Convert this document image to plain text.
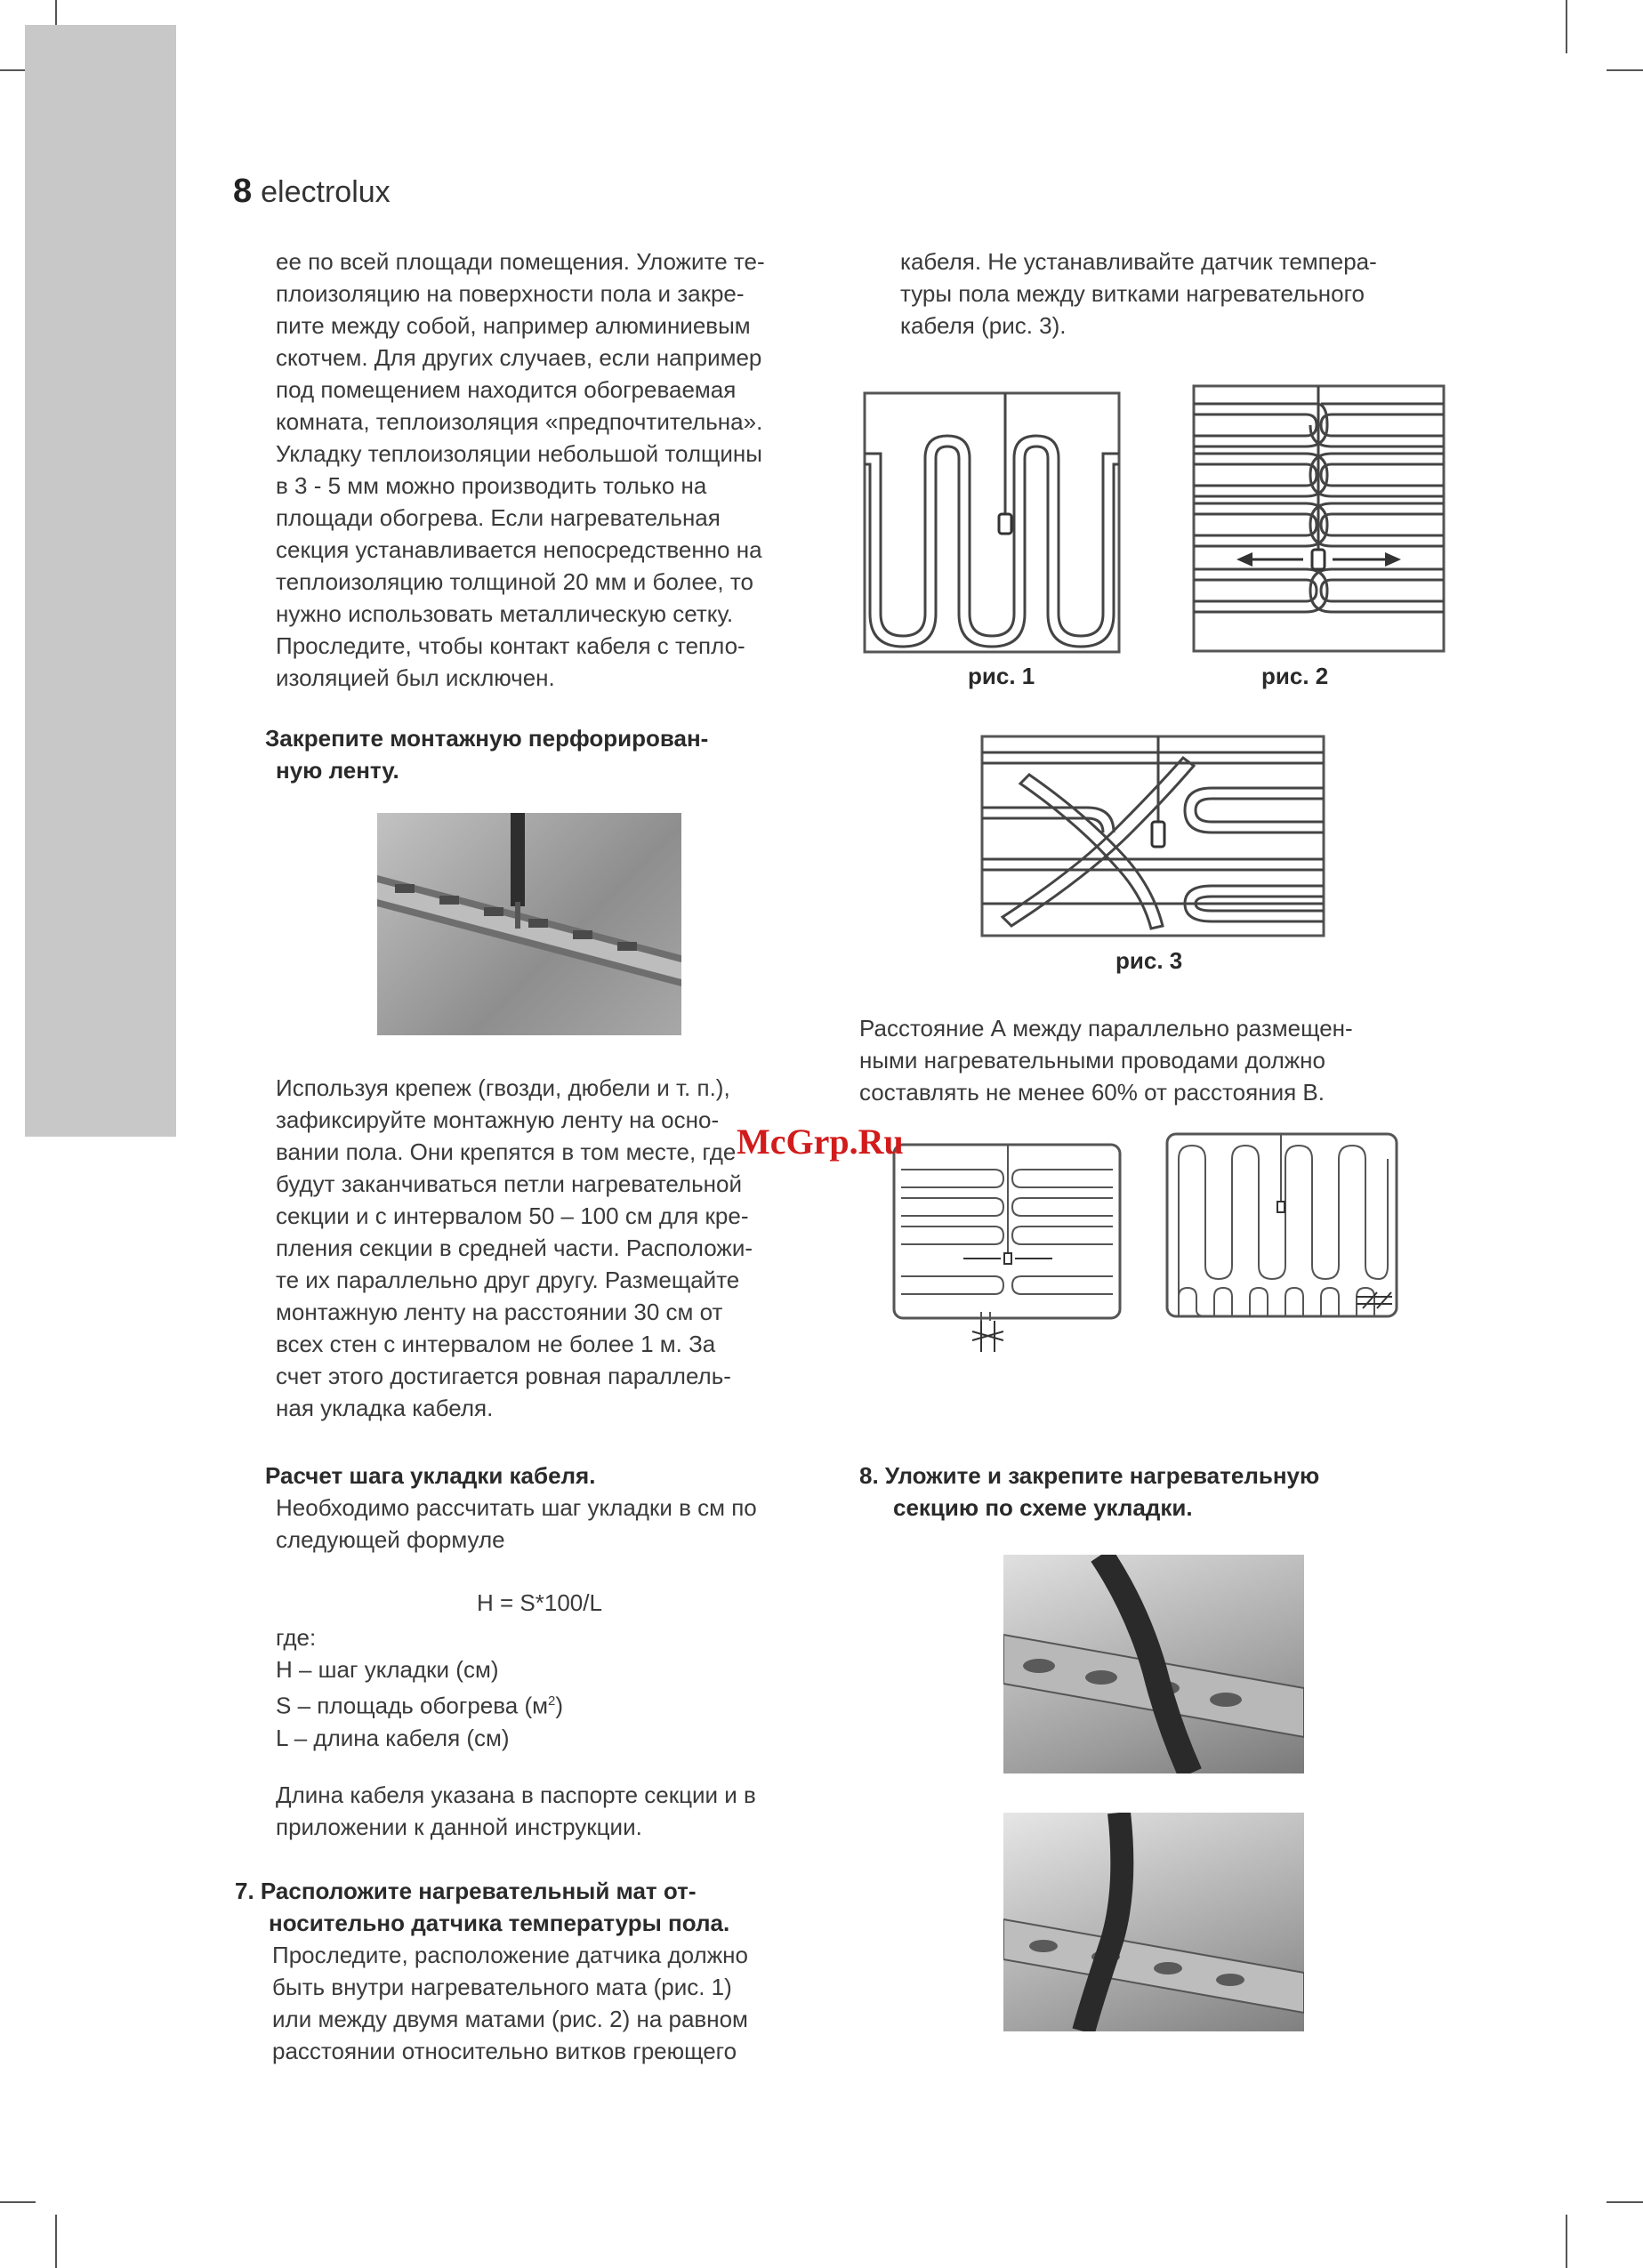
8 electrolux
ее по всей площади помещения. Уложите те-
плоизоляцию на поверхности пола и закре-
пите между собой, например алюминиевым
скотчем. Для других случаев, если например
под помещением находится обогреваемая
комната, теплоизоляция «предпочтительна».
Укладку теплоизоляции небольшой толщины
в 3 - 5 мм можно производить только на
площади обогрева. Если нагревательная
секция устанавливается непосредственно на
теплоизоляцию толщиной 20 мм и более, то
нужно использовать металлическую сетку.
Проследите, чтобы контакт кабеля с тепло-
изоляцией был исключен.
Закрепите монтажную перфорирован-
ную ленту.
Используя крепеж (гвозди, дюбели и т. п.),
зафиксируйте монтажную ленту на осно-
вании пола. Они крепятся в том месте, где
будут заканчиваться петли нагревательной
секции и с интервалом 50 – 100 см для кре-
пления секции в средней части. Расположи-
те их параллельно друг другу. Размещайте
монтажную ленту на расстоянии 30 см от
всех стен с интервалом не более 1 м. За
счет этого достигается ровная параллель-
ная укладка кабеля.
Расчет шага укладки кабеля.
Необходимо рассчитать шаг укладки в см по
следующей формуле
H = S*100/L
где:
H – шаг укладки (см)
S – площадь обогрева $(м^2)$
L – длина кабеля (см)
Длина кабеля указана в паспорте секции и в
приложении к данной инструкции.
7. Расположите нагревательный мат от-
носительно датчика температуры пола.
Проследите, расположение датчика должно
быть внутри нагревательного мата (рис. 1)
или между двумя матами (рис. 2) на равном
расстоянии относительно витков греющего
кабеля. Не устанавливайте датчик темпера-
туры пола между витками нагревательного
кабеля (рис. 3).
рис. 1	рис. 2
рис. 3
Расстояние А между параллельно размещен-
ными нагревательными проводами должно
составлять не менее 60% от расстояния В.
McGrp.Ru
8. Уложите и закрепите нагревательную
секцию по схеме укладки.
